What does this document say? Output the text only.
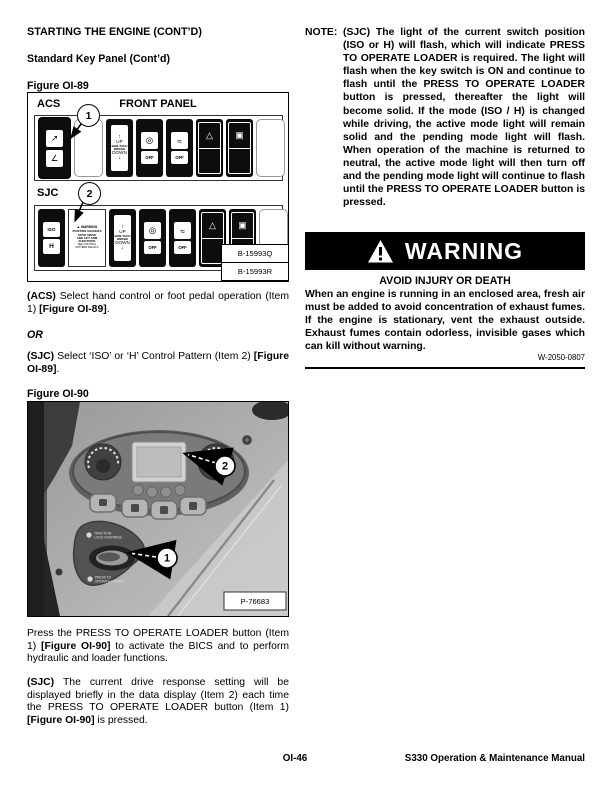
STARTING THE ENGINE (CONT’D)
Standard Key Panel (Cont’d)
Figure OI-89
ACS	FRONT PANEL
↗
∠
↑
UP
BOB-TACH
WEDGE
DOWN
↓
◎
OFF
≈
OFF
△	▣
SJC
ISO
H
▲ WARNING
POSITION CHANGES
STICK DRIVE
AND LIFT ARM
FUNCTIONS
SEE CONTROL
PATTERN DECALS
↑
UP
BOB-TACH
WEDGE
DOWN
↓
◎
OFF
≈
OFF
△	▣
1
2
B-15993Q
B-15993R

(ACS) Select hand control or foot pedal operation (Item 1) [Figure OI-89].

OR

(SJC) Select ‘ISO’ or ‘H’ Control Pattern (Item 2) [Figure OI-89].

Figure OI-90
TRACTION
LOCK OVERRIDE
PRESS TO
OPERATE LOADER
2
1
P-76683

Press the PRESS TO OPERATE LOADER button (Item 1) [Figure OI-90] to activate the BICS and to perform hydraulic and loader functions.

(SJC) The current drive response setting will be displayed briefly in the data display (Item 2) each time the PRESS TO OPERATE LOADER button (Item 1) [Figure OI-90] is pressed.

NOTE: (SJC) The light of the current switch position (ISO or H) will flash, which will indicate PRESS TO OPERATE LOADER is required. The light will flash when the key switch is ON and continue to flash until the PRESS TO OPERATE LOADER button is pressed, thereafter the light will become solid. If the mode (ISO / H) is changed while driving, the active mode light will remain solid and the pending mode light will flash. When operation of the machine is returned to neutral, the active mode light will then turn off and the pending mode light will continue to flash until the PRESS TO OPERATE LOADER button is pressed.
WARNING
AVOID INJURY OR DEATH
When an engine is running in an enclosed area, fresh air must be added to avoid concentration of exhaust fumes. If the engine is stationary, vent the exhaust outside. Exhaust fumes contain odorless, invisible gases which can kill without warning.
W-2050-0807
OI-46	S330 Operation & Maintenance Manual
